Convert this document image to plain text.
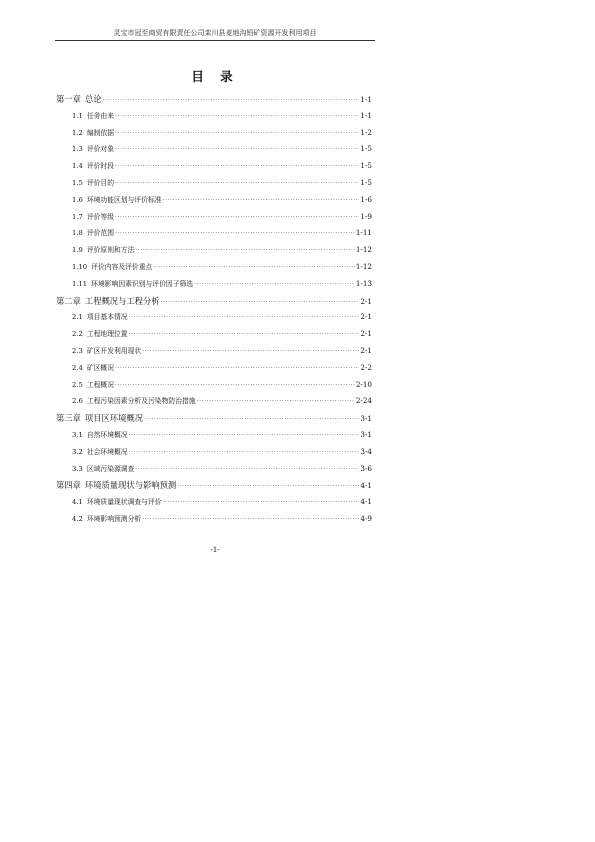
灵宝市冠至商贸有限责任公司栾川县麦地沟铅矿资源开发利用项目
目 录
第一章 总论 ·····	1-1
1.1 任务由来 ·····	1-1
1.2 编制依据 ·····	1-2
1.3 评价对象 ·····	1-5
1.4 评价时段 ·····	1-5
1.5 评价目的 ·····	1-5
1.6 环境功能区划与评价标准 ·····	1-6
1.7 评价等级 ·····	1-9
1.8 评价范围 ·····	1-11
1.9 评价原则和方法 ·····	1-12
1.10 评价内容及评价重点 ·····	1-12
1.11 环境影响因素识别与评价因子筛选 ·····	1-13
第二章 工程概况与工程分析 ·····	2-1
2.1 项目基本情况 ·····	2-1
2.2 工程地理位置 ·····	2-1
2.3 矿区开发利用现状 ·····	2-1
2.4 矿区概况 ·····	2-2
2.5 工程概况 ·····	2-10
2.6 工程污染因素分析及污染物防治措施 ·····	2-24
第三章 项目区环境概况 ·····	3-1
3.1 自然环境概况 ·····	3-1
3.2 社会环境概况 ·····	3-4
3.3 区域污染源调查 ·····	3-6
第四章 环境质量现状与影响预测 ·····	4-1
4.1 环境质量现状调查与评价 ·····	4-1
4.2 环境影响预测分析 ·····	4-9
-1-
